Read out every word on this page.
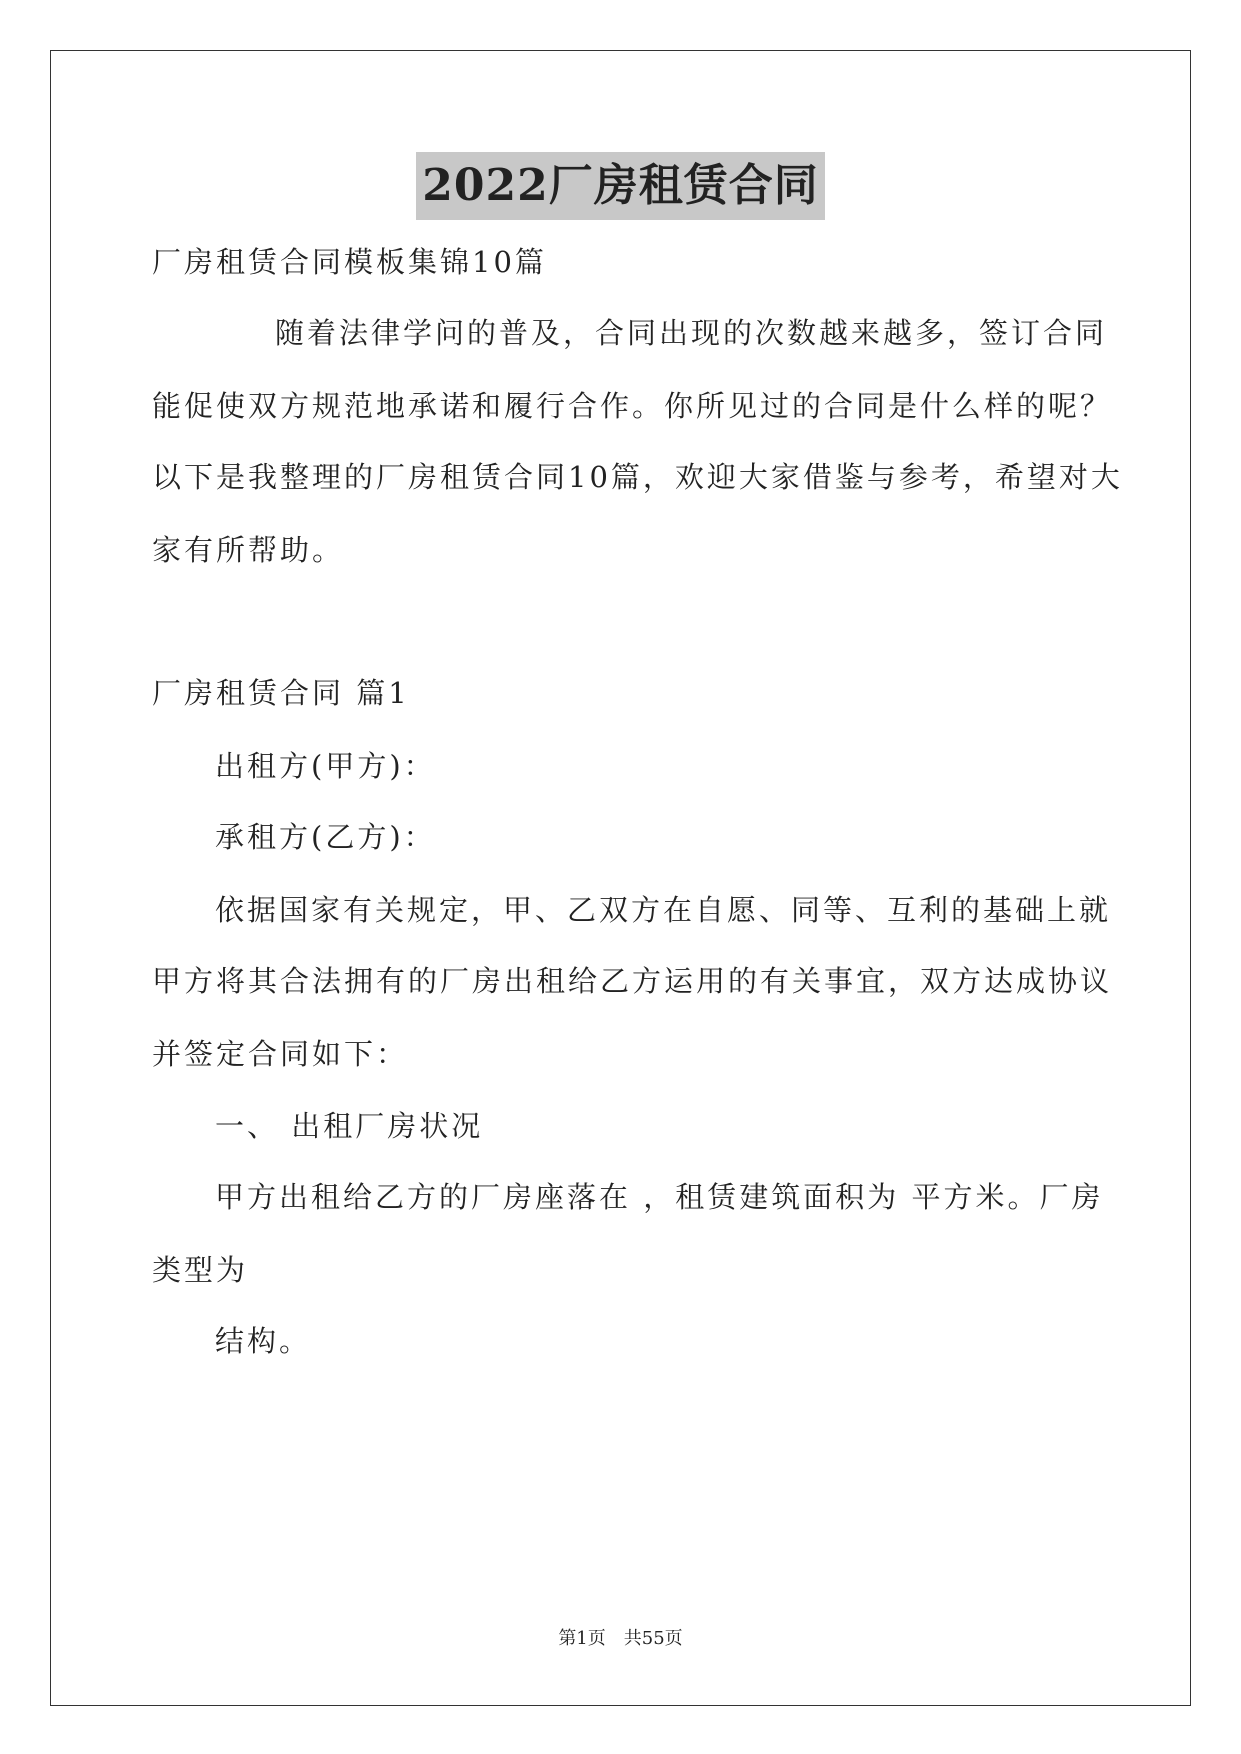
2022厂房租赁合同
厂房租赁合同模板集锦10篇
随着法律学问的普及，合同出现的次数越来越多，签订合同
能促使双方规范地承诺和履行合作。你所见过的合同是什么样的呢？
以下是我整理的厂房租赁合同10篇，欢迎大家借鉴与参考，希望对大
家有所帮助。
厂房租赁合同 篇1
出租方(甲方)：
承租方(乙方)：
依据国家有关规定，甲、乙双方在自愿、同等、互利的基础上就
甲方将其合法拥有的厂房出租给乙方运用的有关事宜，双方达成协议
并签定合同如下：
一、 出租厂房状况
甲方出租给乙方的厂房座落在 ，租赁建筑面积为 平方米。厂房
类型为
结构。
第1页　共55页
